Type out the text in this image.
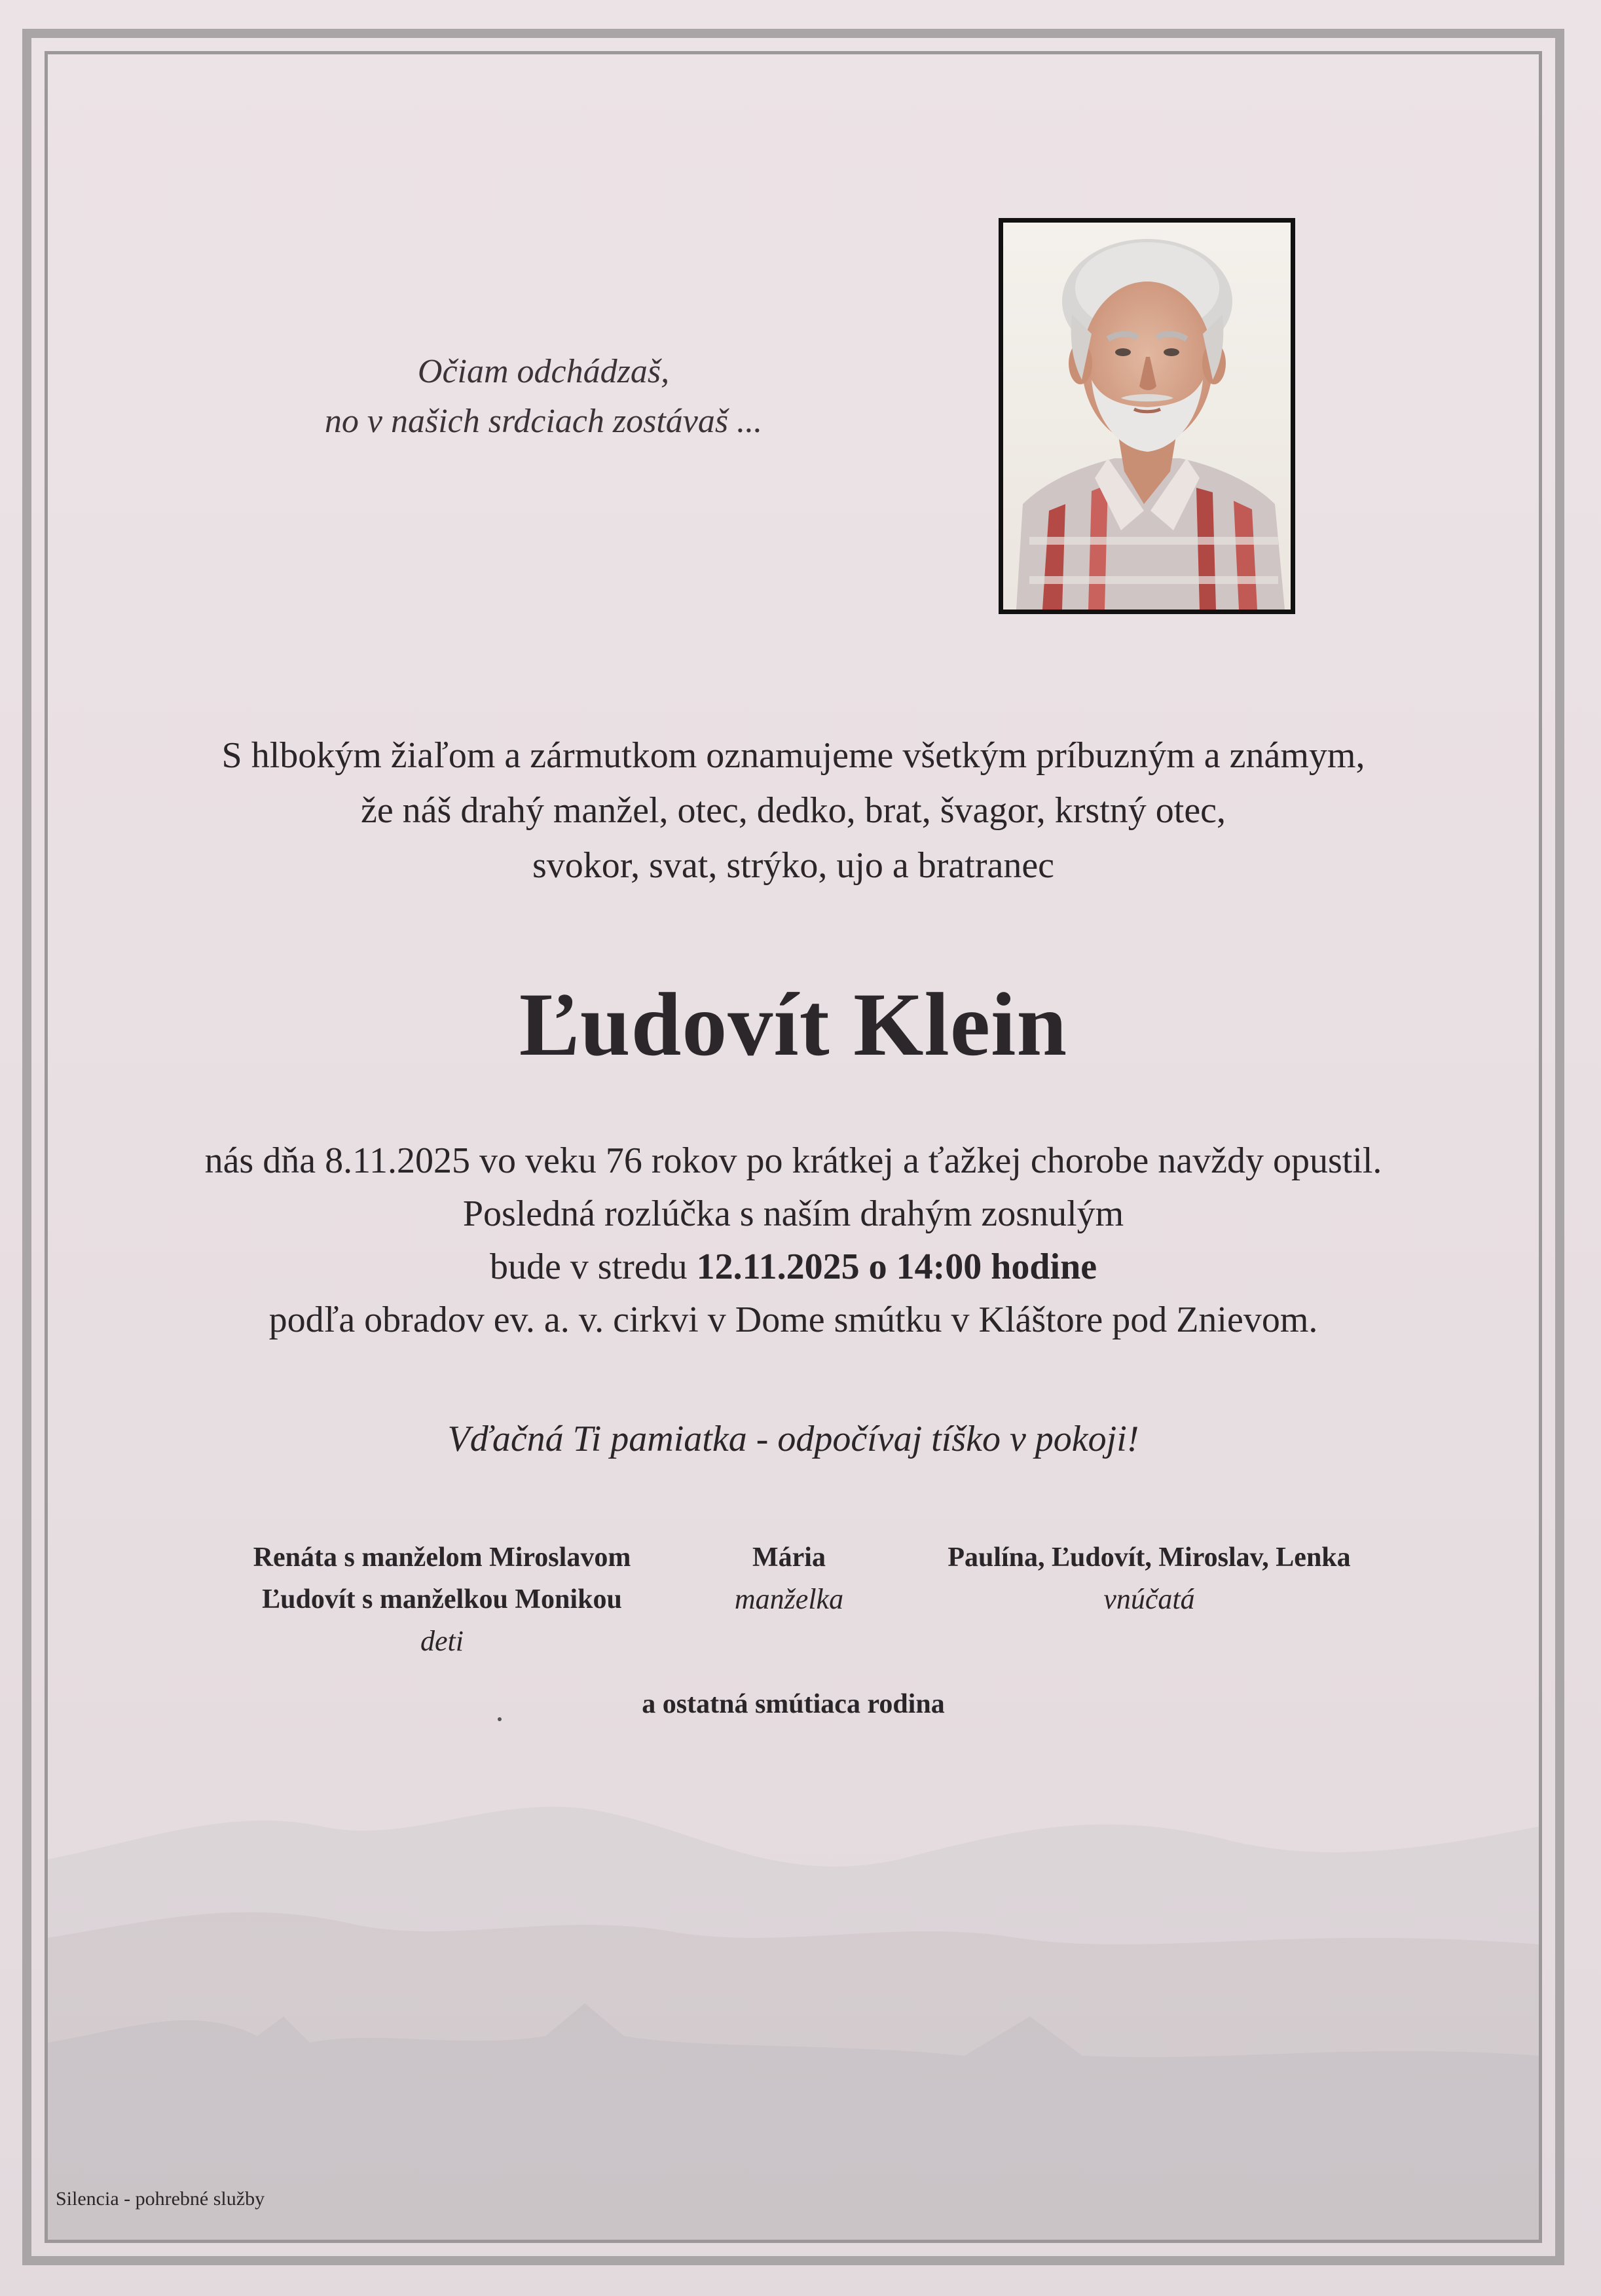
Očiam odchádzaš,
no v našich srdciach zostávaš ...
S hlbokým žiaľom a zármutkom oznamujeme všetkým príbuzným a známym,
že náš drahý manžel, otec, dedko, brat, švagor, krstný otec,
svokor, svat, strýko, ujo a bratranec
Ľudovít Klein
nás dňa 8.11.2025 vo veku 76 rokov po krátkej a ťažkej chorobe navždy opustil.
Posledná rozlúčka s naším drahým zosnulým
bude v stredu 12.11.2025 o 14:00 hodine
podľa obradov ev. a. v. cirkvi v Dome smútku v Kláštore pod Znievom.
Vďačná Ti pamiatka - odpočívaj tíško v pokoji!
Renáta s manželom Miroslavom
Ľudovít s manželkou Monikou
deti
Mária
manželka
Paulína, Ľudovít, Miroslav, Lenka
vnúčatá
a ostatná smútiaca rodina
Silencia - pohrebné služby
